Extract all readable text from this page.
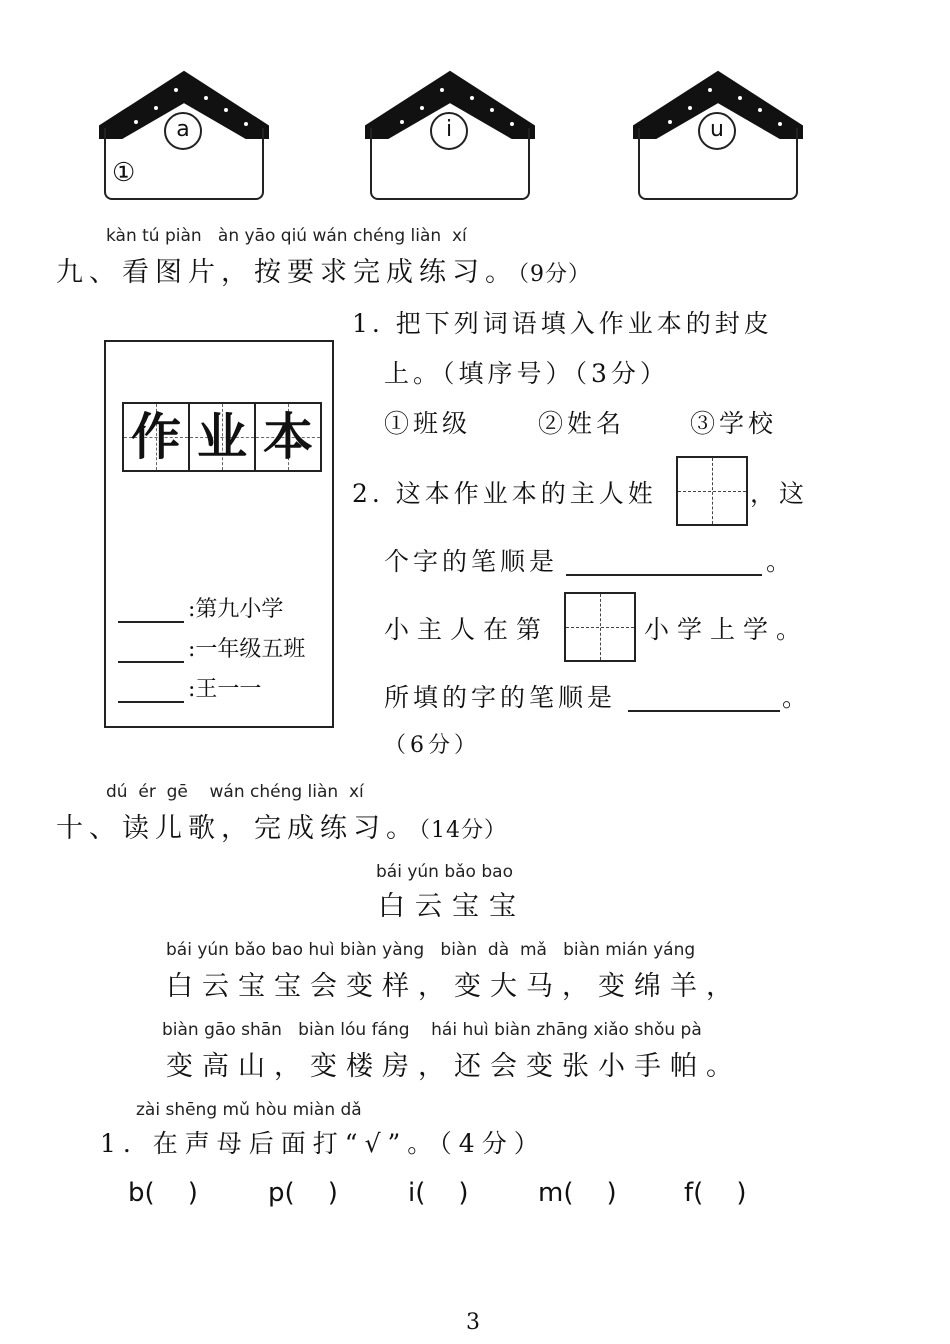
a
①
i	u
kàn tú piàn   àn yāo qiú wán chéng liàn  xí
九、看图片，按要求完成练习。（9分）
作 业 本
:第九小学
:一年级五班
:王一一
1. 把下列词语填入作业本的封皮
上。（填序号）（3分）
①班级	②姓名	③学校
2. 这本作业本的主人姓	，这
个字的笔顺是	。
小主人在第	小学上学。
所填的字的笔顺是	。
（6分）
dú  ér  gē    wán chéng liàn  xí
十、读儿歌，完成练习。（14分）
bái yún bǎo bao
白云宝宝
bái yún bǎo bao huì biàn yàng   biàn  dà  mǎ   biàn mián yáng
白云宝宝会变样，变大马，变绵羊，
biàn gāo shān   biàn lóu fáng    hái huì biàn zhāng xiǎo shǒu pà
变高山，变楼房，还会变张小手帕。
zài shēng mǔ hòu miàn dǎ
1. 在声母后面打“√”。（4分）
b(    )	p(    )	i(    )	m(    )	f(    )
3
